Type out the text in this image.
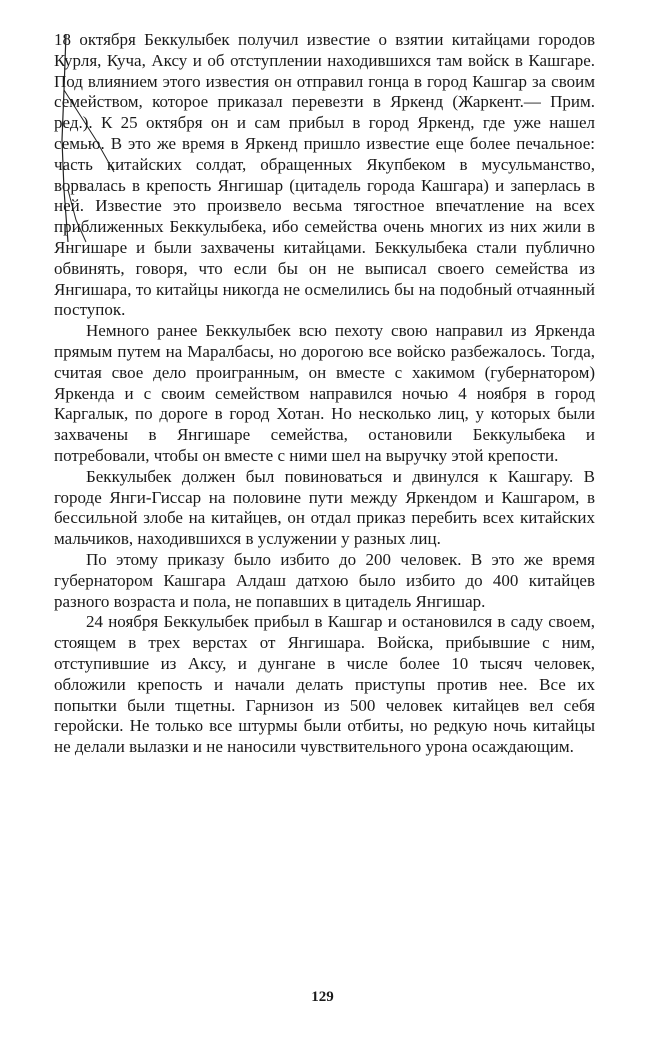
18 октября Беккулыбек получил известие о взятии китайцами городов Курля, Куча, Аксу и об отступлении находившихся там войск в Кашгаре. Под влиянием этого известия он отправил гонца в город Кашгар за своим семейством, которое приказал перевезти в Яркенд (Жаркент.— Прим. ред.). К 25 октября он и сам прибыл в город Яркенд, где уже нашел семью. В это же время в Яркенд пришло известие еще более печальное: часть китайских солдат, обращенных Якупбеком в мусульманство, ворвалась в крепость Янгишар (цитадель города Кашгара) и заперлась в ней. Известие это произвело весьма тягостное впечатление на всех приближенных Беккулыбека, ибо семейства очень многих из них жили в Янгишаре и были захвачены китайцами. Беккулыбека стали публично обвинять, говоря, что если бы он не выписал своего семейства из Янгишара, то китайцы никогда не осмелились бы на подобный отчаянный поступок.

Немного ранее Беккулыбек всю пехоту свою направил из Яркенда прямым путем на Маралбасы, но дорогою все войско разбежалось. Тогда, считая свое дело проигранным, он вместе с хакимом (губернатором) Яркенда и с своим семейством направился ночью 4 ноября в город Каргалык, по дороге в город Хотан. Но несколько лиц, у которых были захвачены в Янгишаре семейства, остановили Беккулыбека и потребовали, чтобы он вместе с ними шел на выручку этой крепости.

Беккулыбек должен был повиноваться и двинулся к Кашгару. В городе Янги-Гиссар на половине пути между Яркендом и Кашгаром, в бессильной злобе на китайцев, он отдал приказ перебить всех китайских мальчиков, находившихся в услужении у разных лиц.

По этому приказу было избито до 200 человек. В это же время губернатором Кашгара Алдаш датхою было избито до 400 китайцев разного возраста и пола, не попавших в цитадель Янгишар.

24 ноября Беккулыбек прибыл в Кашгар и остановился в саду своем, стоящем в трех верстах от Янгишара. Войска, прибывшие с ним, отступившие из Аксу, и дунгане в числе более 10 тысяч человек, обложили крепость и начали делать приступы против нее. Все их попытки были тщетны. Гарнизон из 500 человек китайцев вел себя геройски. Не только все штурмы были отбиты, но редкую ночь китайцы не делали вылазки и не наносили чувствительного урона осаждающим.

129
